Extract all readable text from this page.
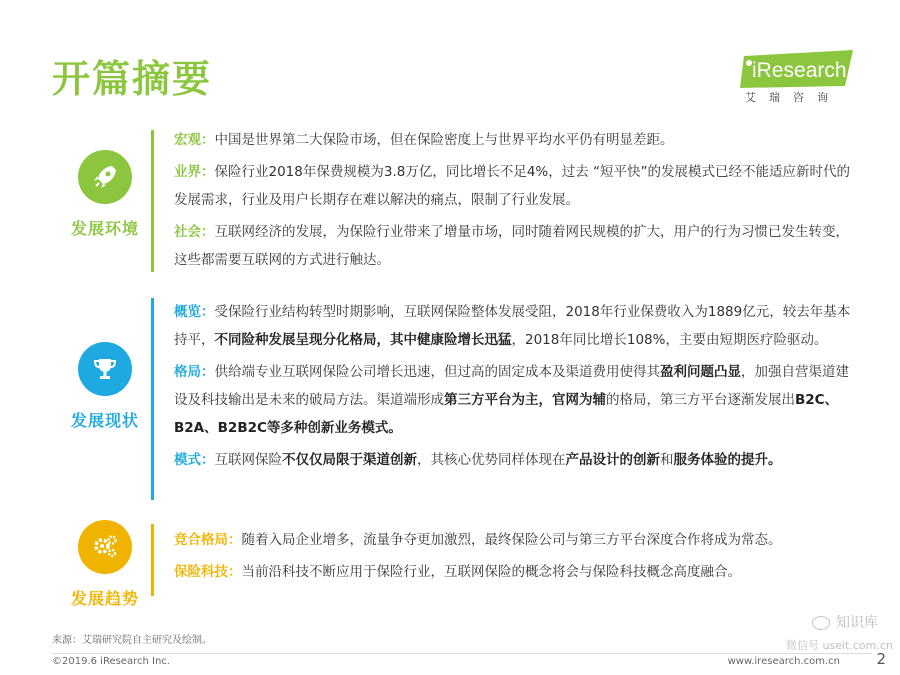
开篇摘要	iResearch
艾瑞咨询
发展环境
宏观：中国是世界第二大保险市场，但在保险密度上与世界平均水平仍有明显差距。
业界：保险行业2018年保费规模为3.8万亿，同比增长不足4%，过去 “短平快”的发展模式已经不能适应新时代的发展需求，行业及用户长期存在难以解决的痛点，限制了行业发展。
社会：互联网经济的发展，为保险行业带来了增量市场，同时随着网民规模的扩大，用户的行为习惯已发生转变，这些都需要互联网的方式进行触达。
发展现状
概览：受保险行业结构转型时期影响，互联网保险整体发展受阻，2018年行业保费收入为1889亿元，较去年基本持平，不同险种发展呈现分化格局，其中健康险增长迅猛，2018年同比增长108%，主要由短期医疗险驱动。
格局：供给端专业互联网保险公司增长迅速，但过高的固定成本及渠道费用使得其盈利问题凸显，加强自营渠道建设及科技输出是未来的破局方法。渠道端形成第三方平台为主，官网为辅的格局，第三方平台逐渐发展出B2C、B2A、B2B2C等多种创新业务模式。
模式：互联网保险不仅仅局限于渠道创新，其核心优势同样体现在产品设计的创新和服务体验的提升。
发展趋势
竞合格局：随着入局企业增多，流量争夺更加激烈，最终保险公司与第三方平台深度合作将成为常态。
保险科技：当前沿科技不断应用于保险行业，互联网保险的概念将会与保险科技概念高度融合。
来源：艾瑞研究院自主研究及绘制。
©2019.6 iResearch Inc.	www.iresearch.com.cn 2
知识库
微信号 useit.com.cn
